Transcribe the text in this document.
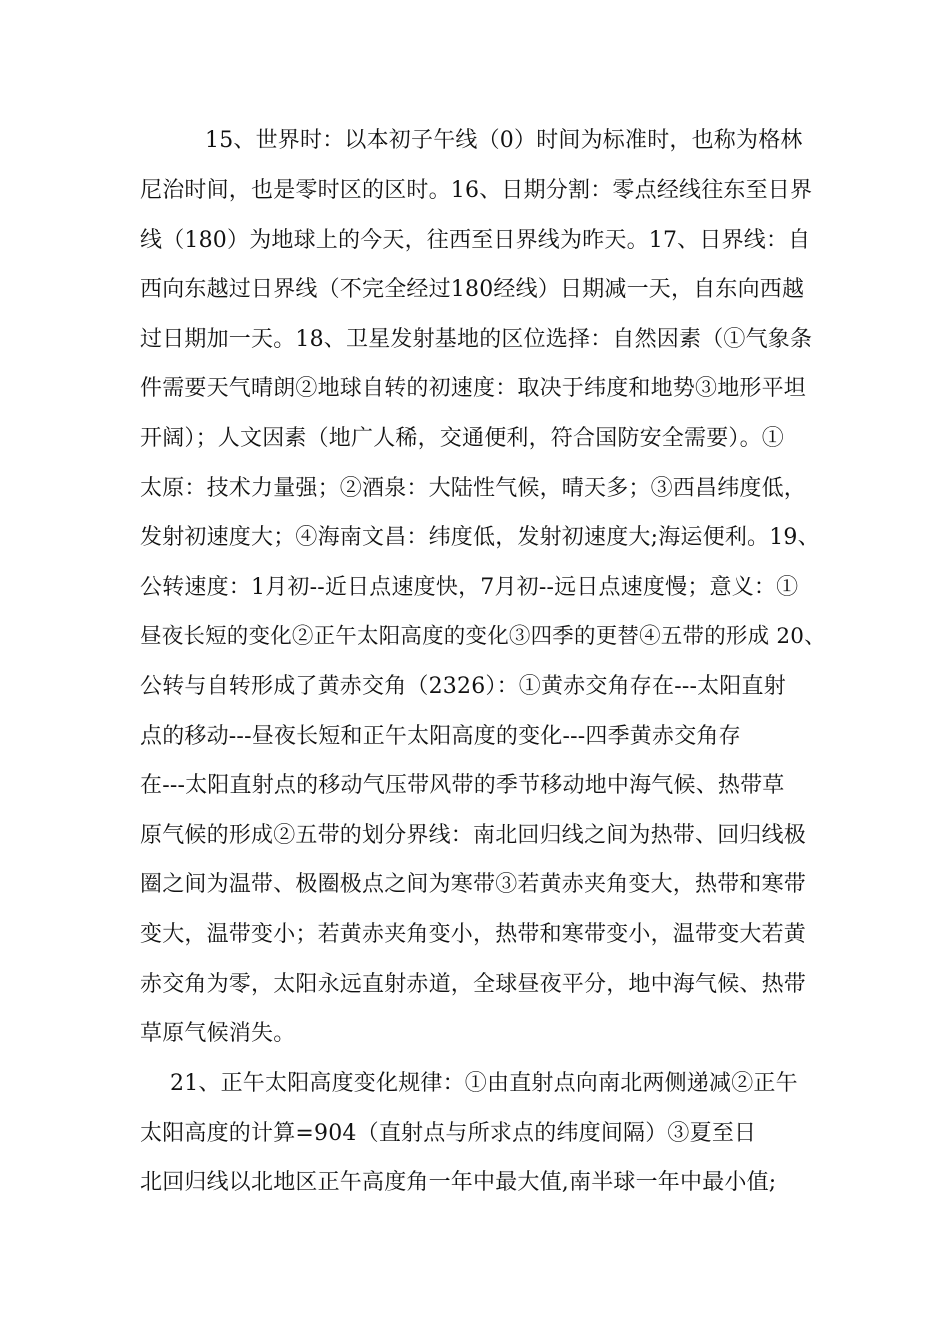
15、世界时：以本初子午线（0）时间为标准时，也称为格林
尼治时间，也是零时区的区时。16、日期分割：零点经线往东至日界
线（180）为地球上的今天，往西至日界线为昨天。17、日界线：自
西向东越过日界线（不完全经过180经线）日期减一天，自东向西越
过日期加一天。18、卫星发射基地的区位选择：自然因素（①气象条
件需要天气晴朗②地球自转的初速度：取决于纬度和地势③地形平坦
开阔）；人文因素（地广人稀，交通便利，符合国防安全需要）。①
太原：技术力量强；②酒泉：大陆性气候，晴天多；③西昌纬度低，
发射初速度大；④海南文昌：纬度低，发射初速度大;海运便利。19、
公转速度：1月初--近日点速度快，7月初--远日点速度慢；意义：①
昼夜长短的变化②正午太阳高度的变化③四季的更替④五带的形成 20、
公转与自转形成了黄赤交角（2326）：①黄赤交角存在---太阳直射
点的移动---昼夜长短和正午太阳高度的变化---四季黄赤交角存
在---太阳直射点的移动气压带风带的季节移动地中海气候、热带草
原气候的形成②五带的划分界线：南北回归线之间为热带、回归线极
圈之间为温带、极圈极点之间为寒带③若黄赤夹角变大，热带和寒带
变大，温带变小；若黄赤夹角变小，热带和寒带变小，温带变大若黄
赤交角为零，太阳永远直射赤道，全球昼夜平分，地中海气候、热带
草原气候消失。
21、正午太阳高度变化规律：①由直射点向南北两侧递减②正午
太阳高度的计算=904（直射点与所求点的纬度间隔）③夏至日
北回归线以北地区正午高度角一年中最大值,南半球一年中最小值;
